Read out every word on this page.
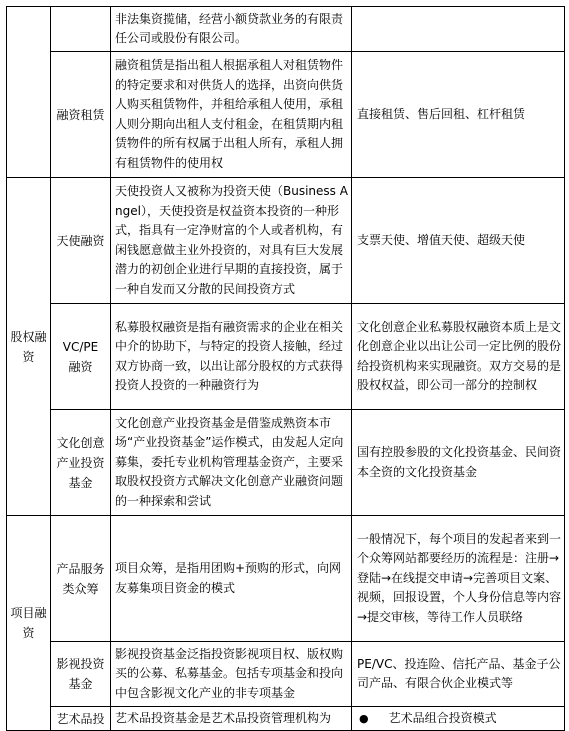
		非法集资揽储，经营小额贷款业务的有限责任公司或股份有限公司。	
	融资租赁	融资租赁是指出租人根据承租人对租赁物件的特定要求和对供货人的选择，出资向供货人购买租赁物件，并租给承租人使用，承租人则分期向出租人支付租金，在租赁期内租赁物件的所有权属于出租人所有，承租人拥有租赁物件的使用权	直接租赁、售后回租、杠杆租赁
股权融资	天使融资	天使投资人又被称为投资天使（Business Angel），天使投资是权益资本投资的一种形式，指具有一定净财富的个人或者机构，有闲钱愿意做主业外投资的，对具有巨大发展潜力的初创企业进行早期的直接投资，属于一种自发而又分散的民间投资方式	支票天使、增值天使、超级天使
	VC/PE 融资	私募股权融资是指有融资需求的企业在相关中介的协助下，与特定的投资人接触，经过双方协商一致，以出让部分股权的方式获得投资人投资的一种融资行为	文化创意企业私募股权融资本质上是文化创意企业以出让公司一定比例的股份给投资机构来实现融资。双方交易的是股权权益，即公司一部分的控制权
	文化创意产业投资基金	文化创意产业投资基金是借鉴成熟资本市场“产业投资基金”运作模式，由发起人定向募集，委托专业机构管理基金资产，主要采取股权投资方式解决文化创意产业融资问题的一种探索和尝试	国有控股参股的文化投资基金、民间资本全资的文化投资基金
项目融资	产品服务类众筹	项目众筹，是指用团购+预购的形式，向网友募集项目资金的模式	一般情况下，每个项目的发起者来到一个众筹网站都要经历的流程是：注册→登陆→在线提交申请→完善项目文案、视频，回报设置，个人身份信息等内容→提交审核，等待工作人员联络
	影视投资基金	影视投资基金泛指投资影视项目权、版权购买的公募、私募基金。包括专项基金和投向中包含影视文化产业的非专项基金	PE/VC、投连险、信托产品、基金子公司产品、有限合伙企业模式等
	艺术品投	艺术品投资基金是艺术品投资管理机构为	● 艺术品组合投资模式
